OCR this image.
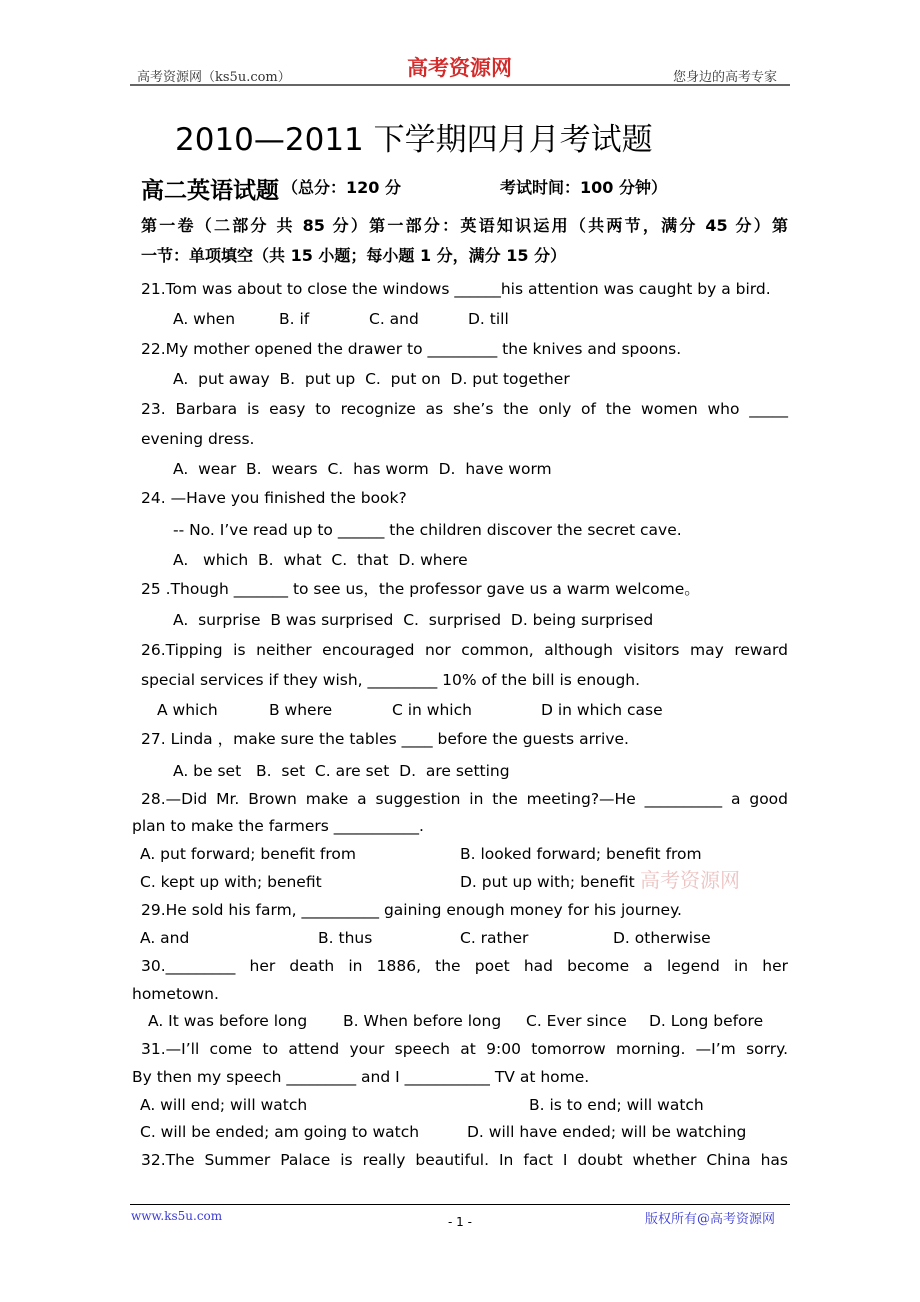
高考资源网（ks5u.com）	高考资源网	您身边的高考专家
2010—2011 下学期四月月考试题
高二英语试题 （总分：120 分	考试时间：100 分钟）
第一卷（二部分 共 85 分）第一部分：英语知识运用（共两节，满分 45 分）第
一节：单项填空（共 15 小题；每小题 1 分，满分 15 分）
21.Tom was about to close the windows ______his attention was caught by a bird.
A. when	B. if	C. and	D. till
22.My mother opened the drawer to _________ the knives and spoons.
A.  put away  B.  put up  C.  put on  D. put together
23. Barbara is easy to recognize as she’s the only of the women who _____
evening dress.
A.  wear  B.  wears  C.  has worm  D.  have worm
24. —Have you finished the book?
-- No. I’ve read up to ______ the children discover the secret cave.
A.   which  B.  what  C.  that  D. where
25 .Though _______ to see us，the professor gave us a warm welcome。
A.  surprise  B was surprised  C.  surprised  D. being surprised
26.Tipping is neither encouraged nor common, although visitors may reward
special services if they wish, _________ 10% of the bill is enough.
A which	B where	C in which	D in which case
27. Linda ，make sure the tables ____ before the guests arrive.
A. be set   B.  set  C. are set  D.  are setting
28.—Did Mr. Brown make a suggestion in the meeting?—He __________ a good
plan to make the farmers ___________.
A. put forward; benefit from	B. looked forward; benefit from
C. kept up with; benefit	D. put up with; benefit 高考资源网
29.He sold his farm, __________ gaining enough money for his journey.
A. and	B. thus	C. rather	D. otherwise
30._________ her death in 1886, the poet had become a legend in her
hometown.
A. It was before long B. When before long C. Ever since D. Long before
31.—I’ll come to attend your speech at 9:00 tomorrow morning. —I’m sorry.
By then my speech _________ and I ___________ TV at home.
A. will end; will watch	B. is to end; will watch
C. will be ended; am going to watch	D. will have ended; will be watching
32.The Summer Palace is really beautiful. In fact I doubt whether China has
www.ks5u.com	- 1 -	版权所有@高考资源网
